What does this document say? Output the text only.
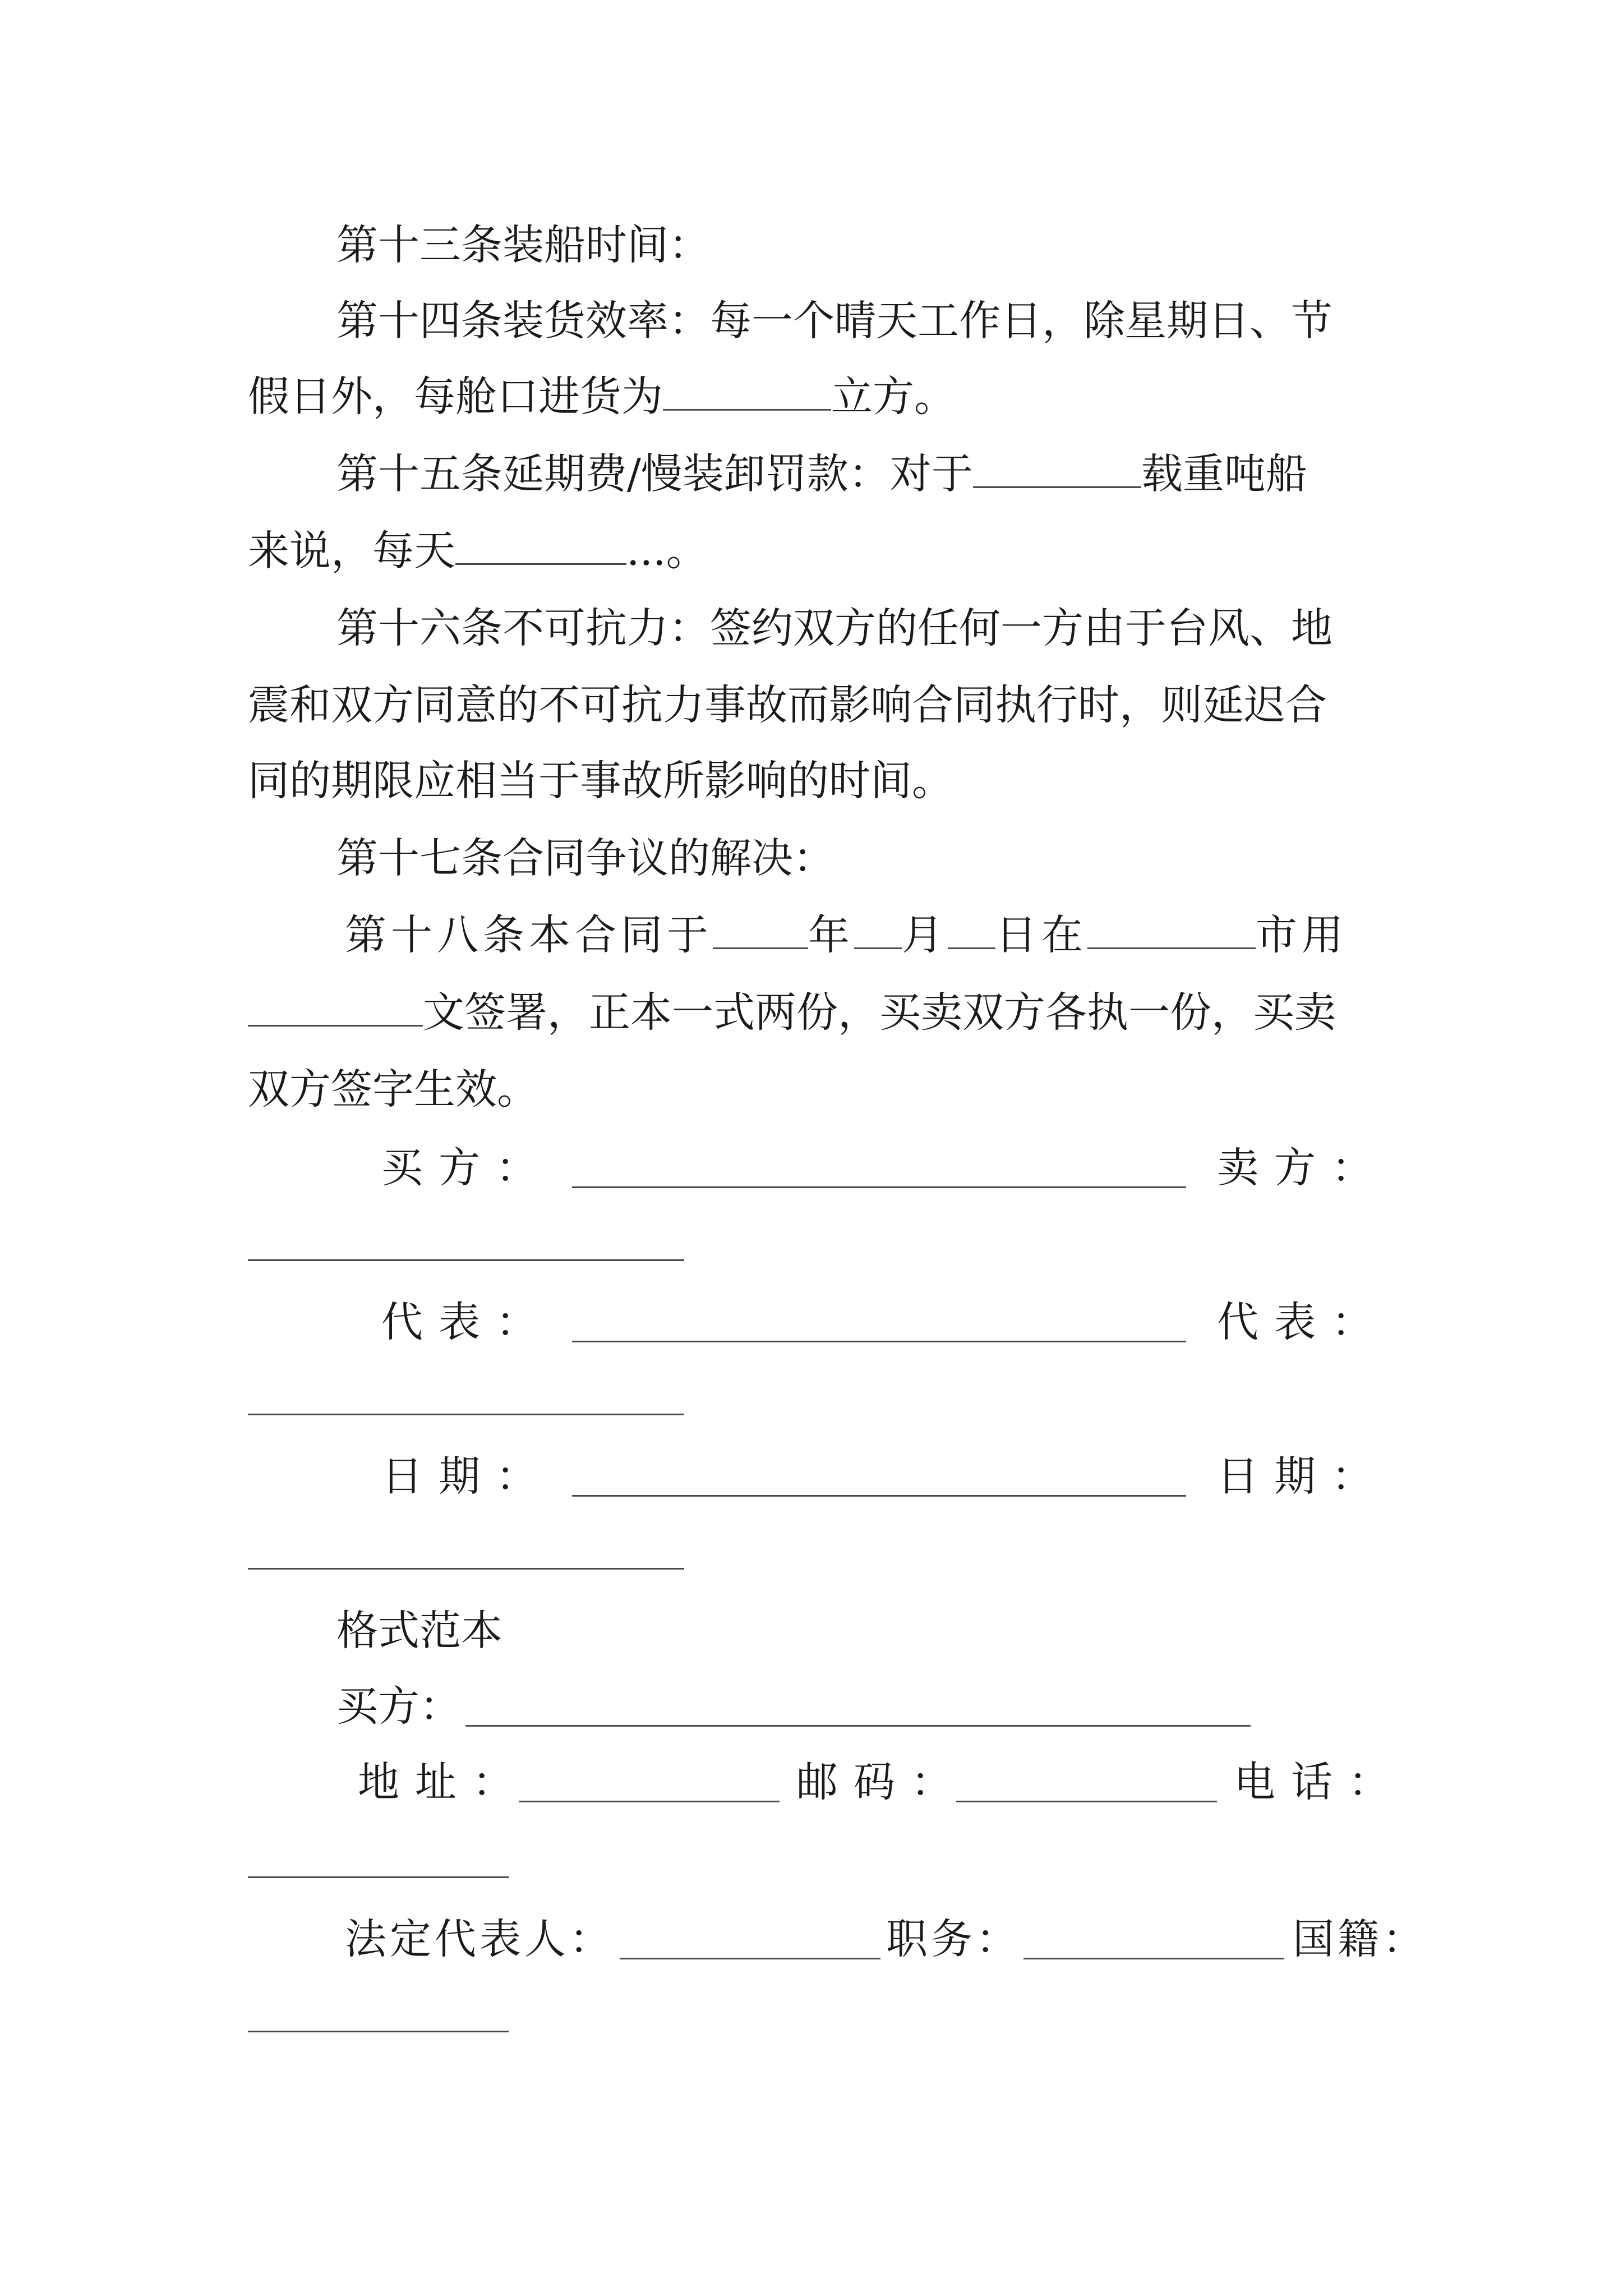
第十三条装船时间：
第十四条装货效率：每一个晴天工作日，除星期日、节
假日外，每舱口进货为	立方。
第十五条延期费/慢装卸罚款：对于	载重吨船
来说，每天	...。
第十六条不可抗力：签约双方的任何一方由于台风、地
震和双方同意的不可抗力事故而影响合同执行时，则延迟合
同的期限应相当于事故所影响的时间。
第十七条合同争议的解决：
第十八条本合同于 年 月 日在	市用
文签署，正本一式两份，买卖双方各执一份，买卖
双方签字生效。
买方：	卖方：
代表：	代表：
日期：	日期：
格式范本
买方：
地址：	邮码：	电话：
法定代表人：	职务：	国籍：
